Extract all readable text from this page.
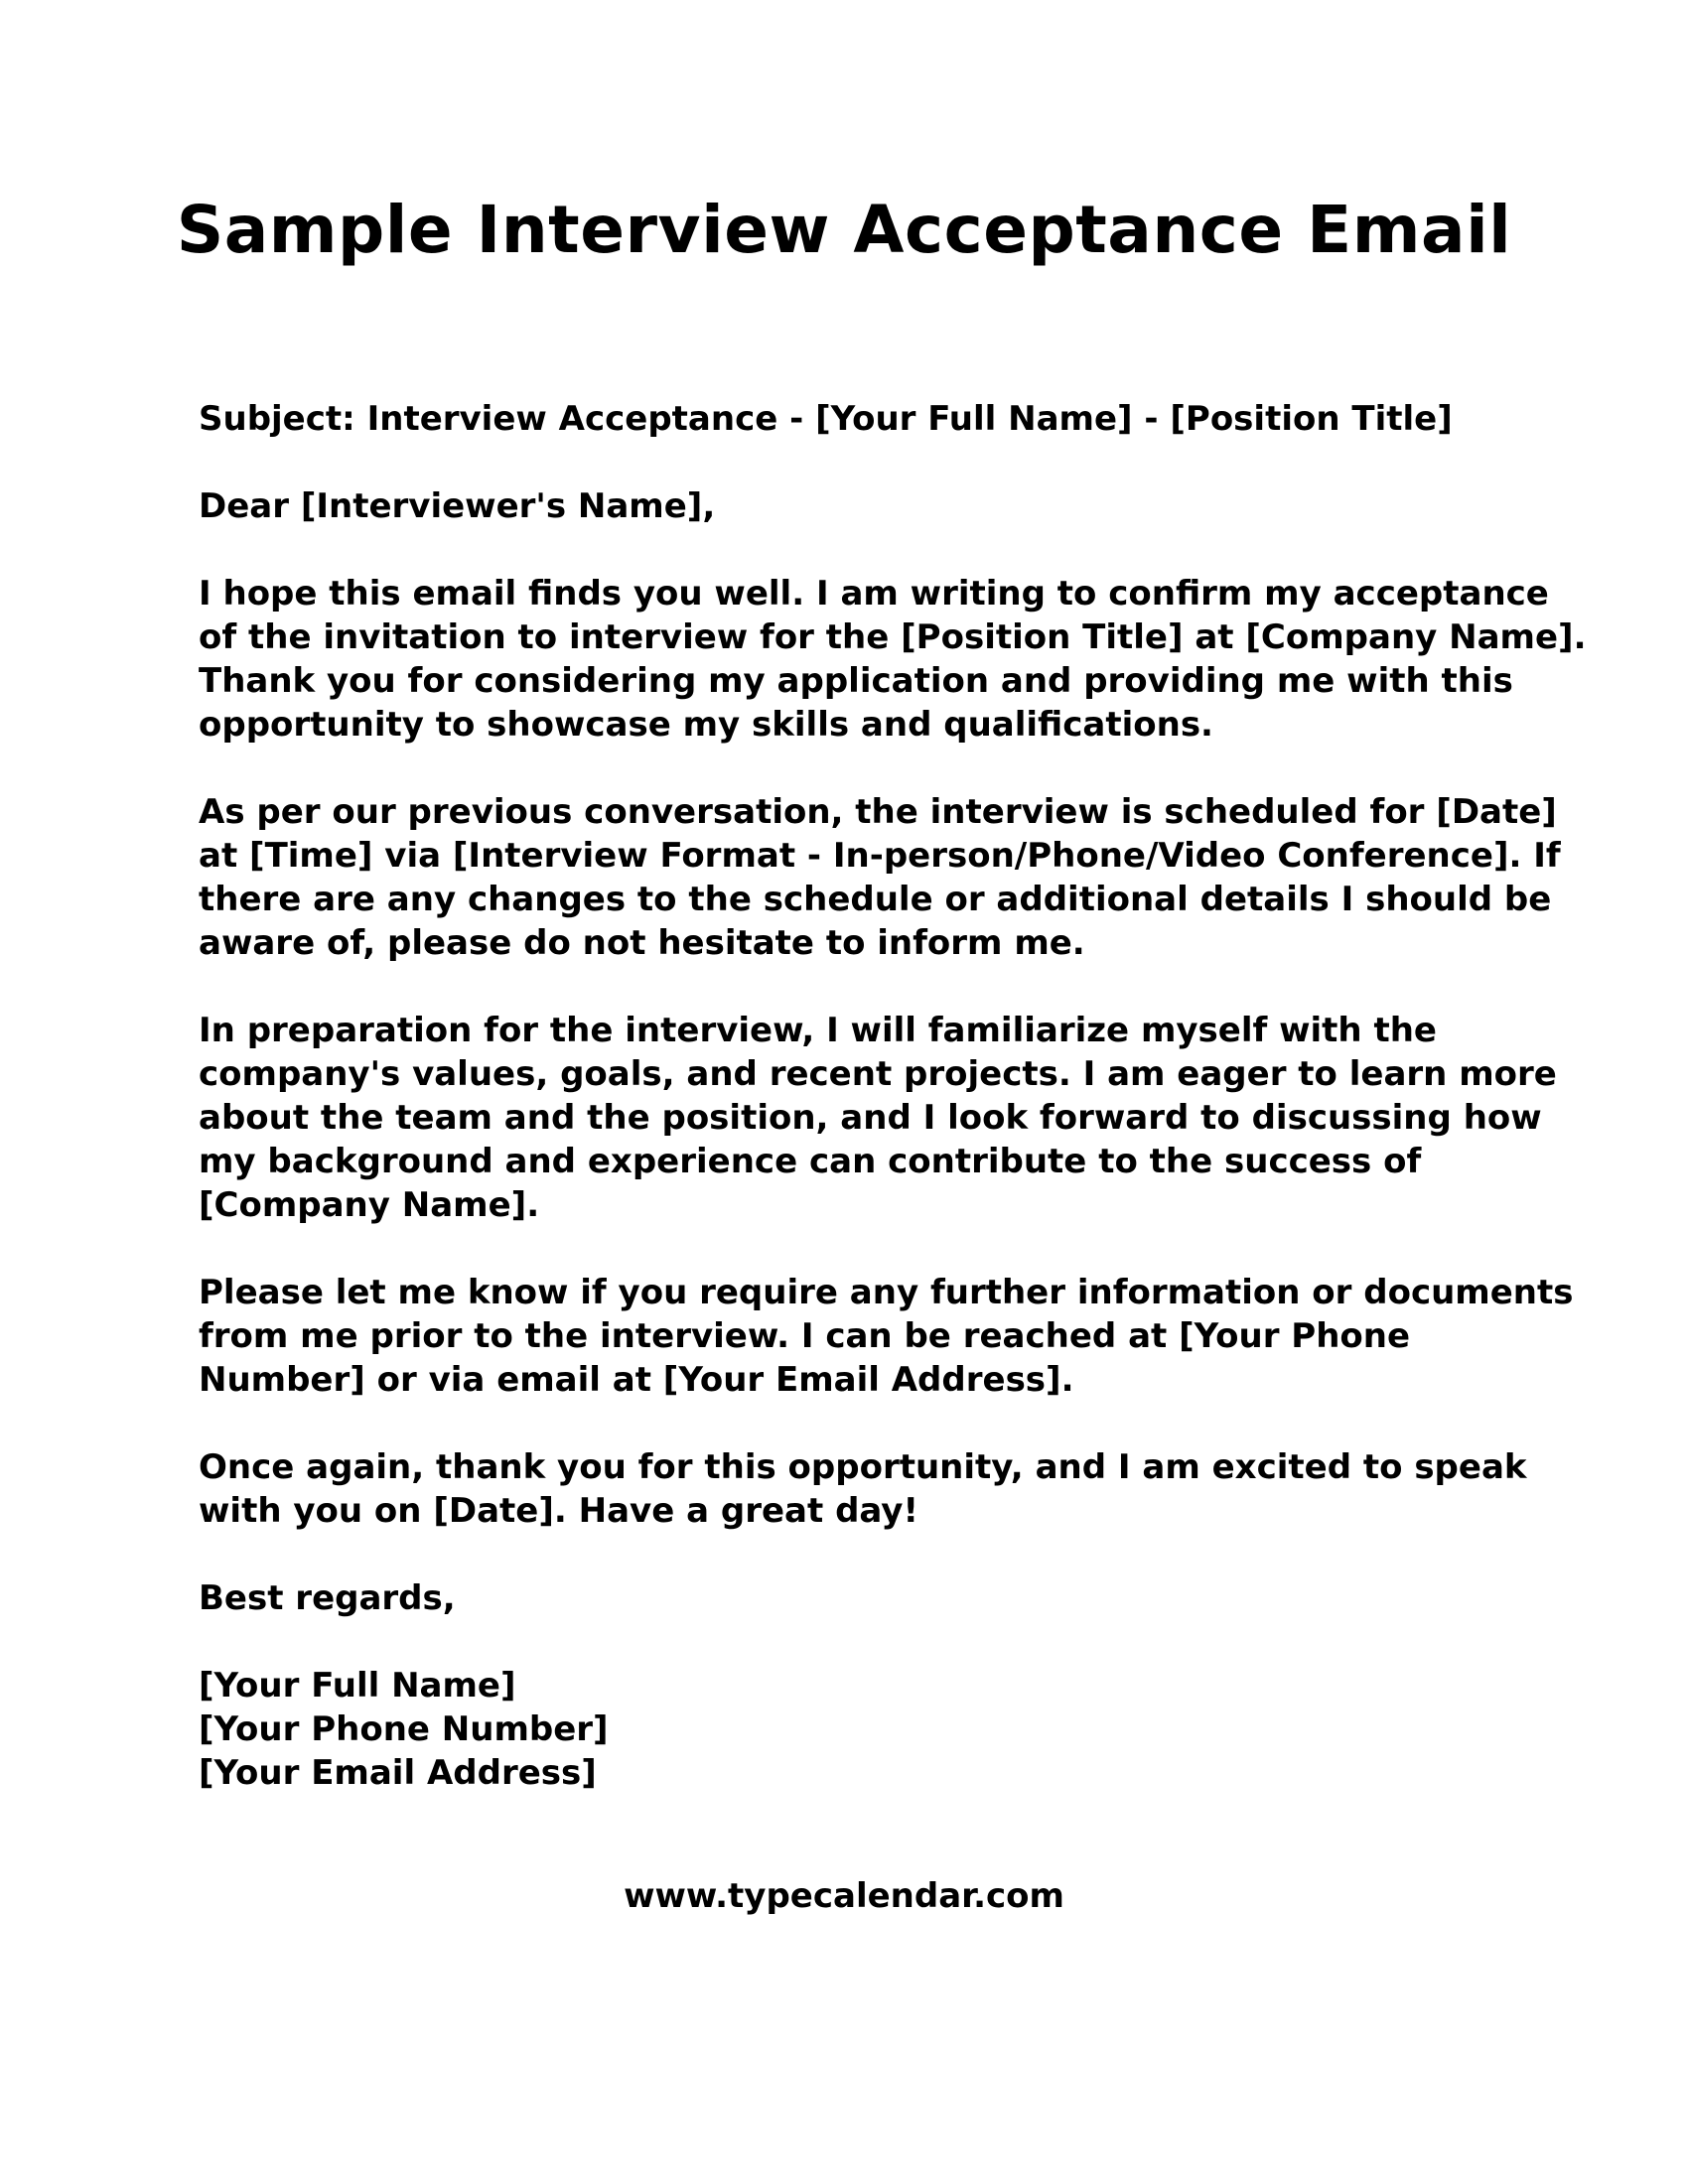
Sample Interview Acceptance Email
Subject: Interview Acceptance - [Your Full Name] - [Position Title]
Dear [Interviewer's Name],
I hope this email finds you well. I am writing to confirm my acceptance
of the invitation to interview for the [Position Title] at [Company Name].
Thank you for considering my application and providing me with this
opportunity to showcase my skills and qualifications.
As per our previous conversation, the interview is scheduled for [Date]
at [Time] via [Interview Format - In-person/Phone/Video Conference]. If
there are any changes to the schedule or additional details I should be
aware of, please do not hesitate to inform me.
In preparation for the interview, I will familiarize myself with the
company's values, goals, and recent projects. I am eager to learn more
about the team and the position, and I look forward to discussing how
my background and experience can contribute to the success of
[Company Name].
Please let me know if you require any further information or documents
from me prior to the interview. I can be reached at [Your Phone
Number] or via email at [Your Email Address].
Once again, thank you for this opportunity, and I am excited to speak
with you on [Date]. Have a great day!
Best regards,
[Your Full Name]
[Your Phone Number]
[Your Email Address]
www.typecalendar.com
